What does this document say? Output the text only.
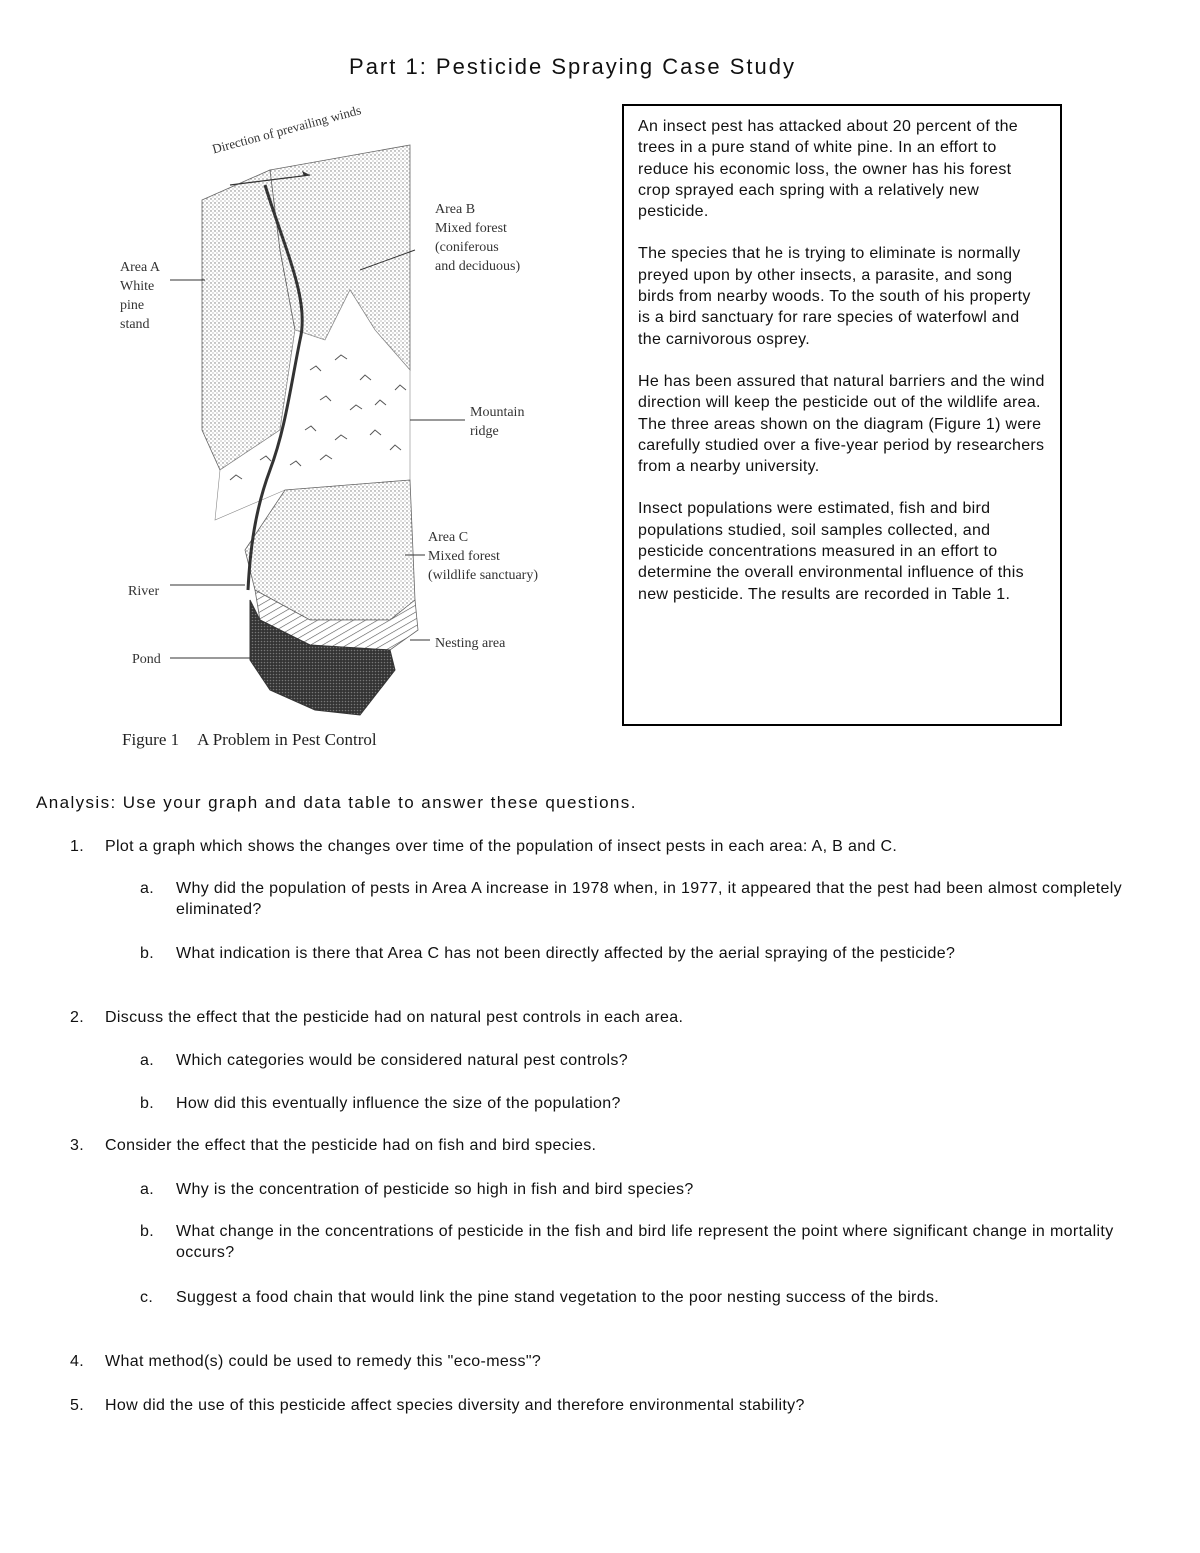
Part 1: Pesticide Spraying Case Study
Direction of prevailing winds
Area A
White
pine
stand
Area B
Mixed forest
(coniferous
and deciduous)
Mountain
ridge
Area C
Mixed forest
(wildlife sanctuary)
River
Pond
Nesting area
Figure 1 A Problem in Pest Control

An insect pest has attacked about 20 percent of the trees in a pure stand of white pine. In an effort to reduce his economic loss, the owner has his forest crop sprayed each spring with a relatively new pesticide.

The species that he is trying to eliminate is normally preyed upon by other insects, a parasite, and song birds from nearby woods. To the south of his property is a bird sanctuary for rare species of waterfowl and the carnivorous osprey.

He has been assured that natural barriers and the wind direction will keep the pesticide out of the wildlife area. The three areas shown on the diagram (Figure 1) were carefully studied over a five-year period by researchers from a nearby university.

Insect populations were estimated, fish and bird populations studied, soil samples collected, and pesticide concentrations measured in an effort to determine the overall environmental influence of this new pesticide. The results are recorded in Table 1.

Analysis: Use your graph and data table to answer these questions.
1. Plot a graph which shows the changes over time of the population of insect pests in each area: A, B and C.
a. Why did the population of pests in Area A increase in 1978 when, in 1977, it appeared that the pest had been almost completely eliminated?
b. What indication is there that Area C has not been directly affected by the aerial spraying of the pesticide?
2. Discuss the effect that the pesticide had on natural pest controls in each area.
a. Which categories would be considered natural pest controls?
b. How did this eventually influence the size of the population?
3. Consider the effect that the pesticide had on fish and bird species.
a. Why is the concentration of pesticide so high in fish and bird species?
b. What change in the concentrations of pesticide in the fish and bird life represent the point where significant change in mortality occurs?
c. Suggest a food chain that would link the pine stand vegetation to the poor nesting success of the birds.
4. What method(s) could be used to remedy this "eco-mess"?
5. How did the use of this pesticide affect species diversity and therefore environmental stability?
